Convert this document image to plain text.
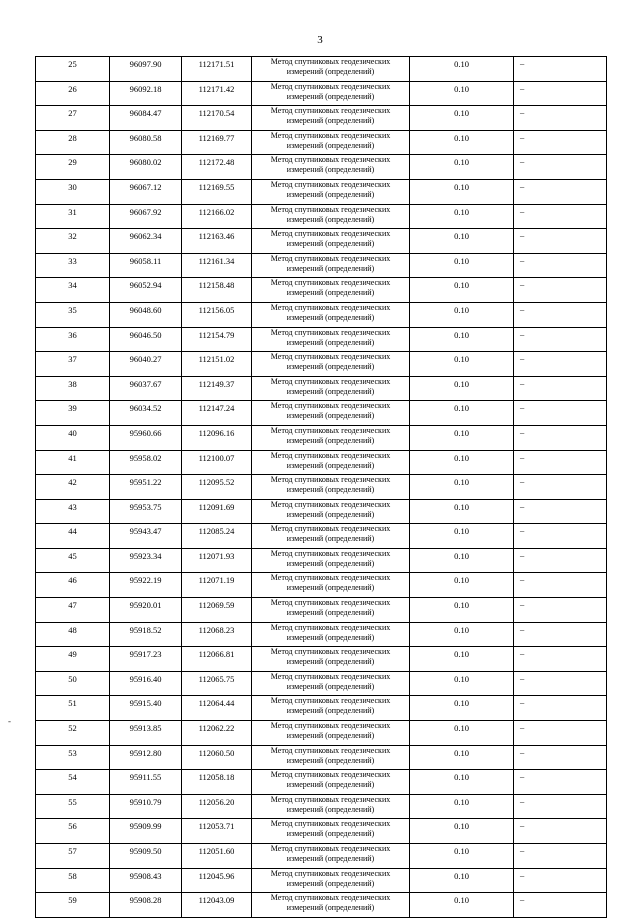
3
-
25	96097.90	112171.51	Метод спутниковых геодезических
измерений (определений)	0.10	–
26	96092.18	112171.42	Метод спутниковых геодезических
измерений (определений)	0.10	–
27	96084.47	112170.54	Метод спутниковых геодезических
измерений (определений)	0.10	–
28	96080.58	112169.77	Метод спутниковых геодезических
измерений (определений)	0.10	–
29	96080.02	112172.48	Метод спутниковых геодезических
измерений (определений)	0.10	–
30	96067.12	112169.55	Метод спутниковых геодезических
измерений (определений)	0.10	–
31	96067.92	112166.02	Метод спутниковых геодезических
измерений (определений)	0.10	–
32	96062.34	112163.46	Метод спутниковых геодезических
измерений (определений)	0.10	–
33	96058.11	112161.34	Метод спутниковых геодезических
измерений (определений)	0.10	–
34	96052.94	112158.48	Метод спутниковых геодезических
измерений (определений)	0.10	–
35	96048.60	112156.05	Метод спутниковых геодезических
измерений (определений)	0.10	–
36	96046.50	112154.79	Метод спутниковых геодезических
измерений (определений)	0.10	–
37	96040.27	112151.02	Метод спутниковых геодезических
измерений (определений)	0.10	–
38	96037.67	112149.37	Метод спутниковых геодезических
измерений (определений)	0.10	–
39	96034.52	112147.24	Метод спутниковых геодезических
измерений (определений)	0.10	–
40	95960.66	112096.16	Метод спутниковых геодезических
измерений (определений)	0.10	–
41	95958.02	112100.07	Метод спутниковых геодезических
измерений (определений)	0.10	–
42	95951.22	112095.52	Метод спутниковых геодезических
измерений (определений)	0.10	–
43	95953.75	112091.69	Метод спутниковых геодезических
измерений (определений)	0.10	–
44	95943.47	112085.24	Метод спутниковых геодезических
измерений (определений)	0.10	–
45	95923.34	112071.93	Метод спутниковых геодезических
измерений (определений)	0.10	–
46	95922.19	112071.19	Метод спутниковых геодезических
измерений (определений)	0.10	–
47	95920.01	112069.59	Метод спутниковых геодезических
измерений (определений)	0.10	–
48	95918.52	112068.23	Метод спутниковых геодезических
измерений (определений)	0.10	–
49	95917.23	112066.81	Метод спутниковых геодезических
измерений (определений)	0.10	–
50	95916.40	112065.75	Метод спутниковых геодезических
измерений (определений)	0.10	–
51	95915.40	112064.44	Метод спутниковых геодезических
измерений (определений)	0.10	–
52	95913.85	112062.22	Метод спутниковых геодезических
измерений (определений)	0.10	–
53	95912.80	112060.50	Метод спутниковых геодезических
измерений (определений)	0.10	–
54	95911.55	112058.18	Метод спутниковых геодезических
измерений (определений)	0.10	–
55	95910.79	112056.20	Метод спутниковых геодезических
измерений (определений)	0.10	–
56	95909.99	112053.71	Метод спутниковых геодезических
измерений (определений)	0.10	–
57	95909.50	112051.60	Метод спутниковых геодезических
измерений (определений)	0.10	–
58	95908.43	112045.96	Метод спутниковых геодезических
измерений (определений)	0.10	–
59	95908.28	112043.09	Метод спутниковых геодезических
измерений (определений)	0.10	–
